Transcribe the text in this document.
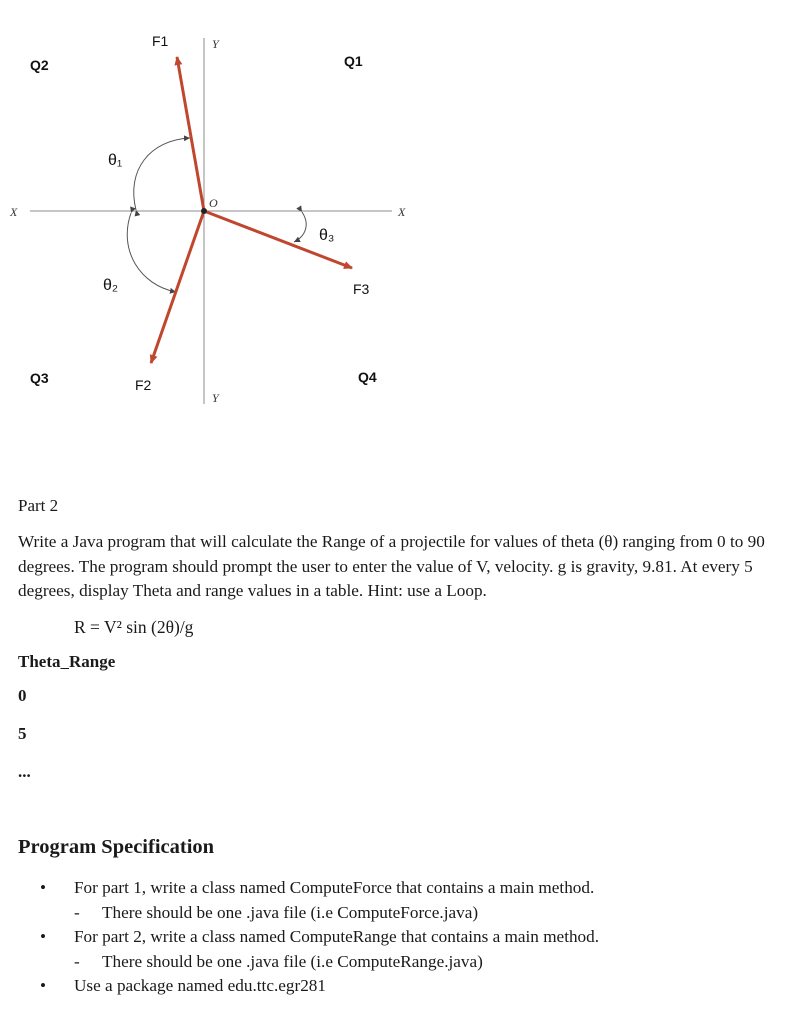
Q2	Q1
Q3	Q4
F1
F2
F3
θ₁
θ₂
θ₃
X	X
Y
Y
O
Part 2
Write a Java program that will calculate the Range of a projectile for values of theta (θ) ranging from 0 to 90 degrees. The program should prompt the user to enter the value of V, velocity. g is gravity, 9.81. At every 5 degrees, display Theta and range values in a table. Hint: use a Loop.
R = V² sin (2θ)/g
Theta Range
0
5
...
Program Specification
• For part 1, write a class named ComputeForce that contains a main method.
- There should be one .java file (i.e ComputeForce.java)
• For part 2, write a class named ComputeRange that contains a main method.
- There should be one .java file (i.e ComputeRange.java)
• Use a package named edu.ttc.egr281
